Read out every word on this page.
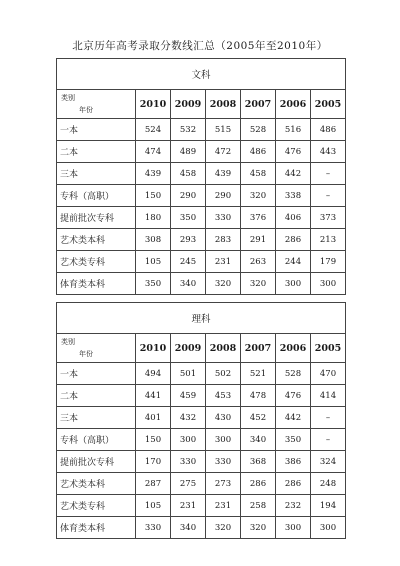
北京历年高考录取分数线汇总（2005年至2010年）
文科						

类别
年份	2010	2009	2008	2007	2006	2005
一本	524	532	515	528	516	486
二本	474	489	472	486	476	443
三本	439	458	439	458	442	–
专科（高职）	150	290	290	320	338	–
提前批次专科	180	350	330	376	406	373
艺术类本科	308	293	283	291	286	213
艺术类专科	105	245	231	263	244	179
体育类本科	350	340	320	320	300	300
理科						

类别
年份	2010	2009	2008	2007	2006	2005
一本	494	501	502	521	528	470
二本	441	459	453	478	476	414
三本	401	432	430	452	442	–
专科（高职）	150	300	300	340	350	–
提前批次专科	170	330	330	368	386	324
艺术类本科	287	275	273	286	286	248
艺术类专科	105	231	231	258	232	194
体育类本科	330	340	320	320	300	300
